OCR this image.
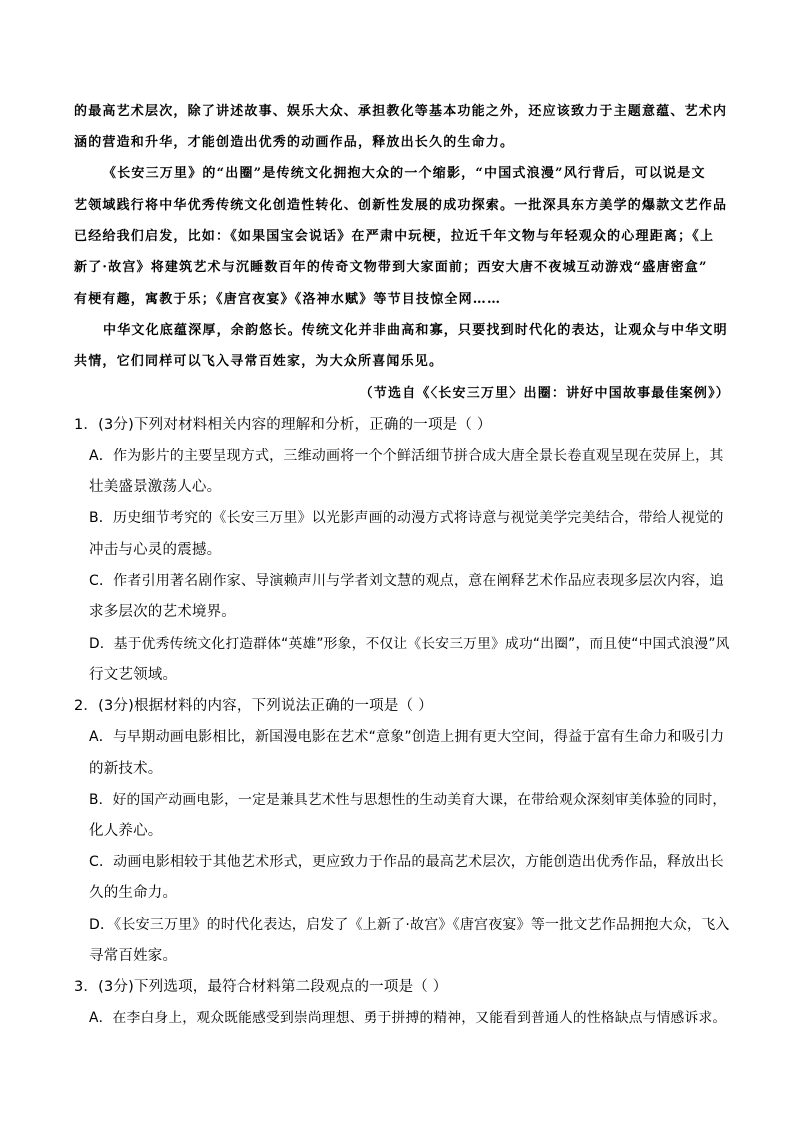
的最高艺术层次，除了讲述故事、娱乐大众、承担教化等基本功能之外，还应该致力于主题意蕴、艺术内
涵的营造和升华，才能创造出优秀的动画作品，释放出长久的生命力。
《长安三万里》的“出圈”是传统文化拥抱大众的一个缩影，“中国式浪漫”风行背后，可以说是文
艺领域践行将中华优秀传统文化创造性转化、创新性发展的成功探索。一批深具东方美学的爆款文艺作品
已经给我们启发，比如：《如果国宝会说话》在严肃中玩梗，拉近千年文物与年轻观众的心理距离；《上
新了·故宫》将建筑艺术与沉睡数百年的传奇文物带到大家面前；西安大唐不夜城互动游戏“盛唐密盒”
有梗有趣，寓教于乐；《唐宫夜宴》《洛神水赋》等节目技惊全网……
中华文化底蕴深厚，余韵悠长。传统文化并非曲高和寡，只要找到时代化的表达，让观众与中华文明
共情，它们同样可以飞入寻常百姓家，为大众所喜闻乐见。
（节选自《〈长安三万里〉出圈：讲好中国故事最佳案例》）
1．(3分)下列对材料相关内容的理解和分析，正确的一项是（ ）
A．作为影片的主要呈现方式，三维动画将一个个鲜活细节拼合成大唐全景长卷直观呈现在荧屏上，其
壮美盛景激荡人心。
B．历史细节考究的《长安三万里》以光影声画的动漫方式将诗意与视觉美学完美结合，带给人视觉的
冲击与心灵的震撼。
C．作者引用著名剧作家、导演赖声川与学者刘文慧的观点，意在阐释艺术作品应表现多层次内容，追
求多层次的艺术境界。
D．基于优秀传统文化打造群体“英雄”形象，不仅让《长安三万里》成功“出圈”，而且使“中国式浪漫”风
行文艺领域。
2．(3分)根据材料的内容，下列说法正确的一项是（ ）
A．与早期动画电影相比，新国漫电影在艺术“意象”创造上拥有更大空间，得益于富有生命力和吸引力
的新技术。
B．好的国产动画电影，一定是兼具艺术性与思想性的生动美育大课，在带给观众深刻审美体验的同时，
化人养心。
C．动画电影相较于其他艺术形式，更应致力于作品的最高艺术层次，方能创造出优秀作品，释放出长
久的生命力。
D．《长安三万里》的时代化表达，启发了《上新了·故宫》《唐宫夜宴》等一批文艺作品拥抱大众，飞入
寻常百姓家。
3．(3分)下列选项，最符合材料第二段观点的一项是（ ）
A．在李白身上，观众既能感受到崇尚理想、勇于拼搏的精神，又能看到普通人的性格缺点与情感诉求。
